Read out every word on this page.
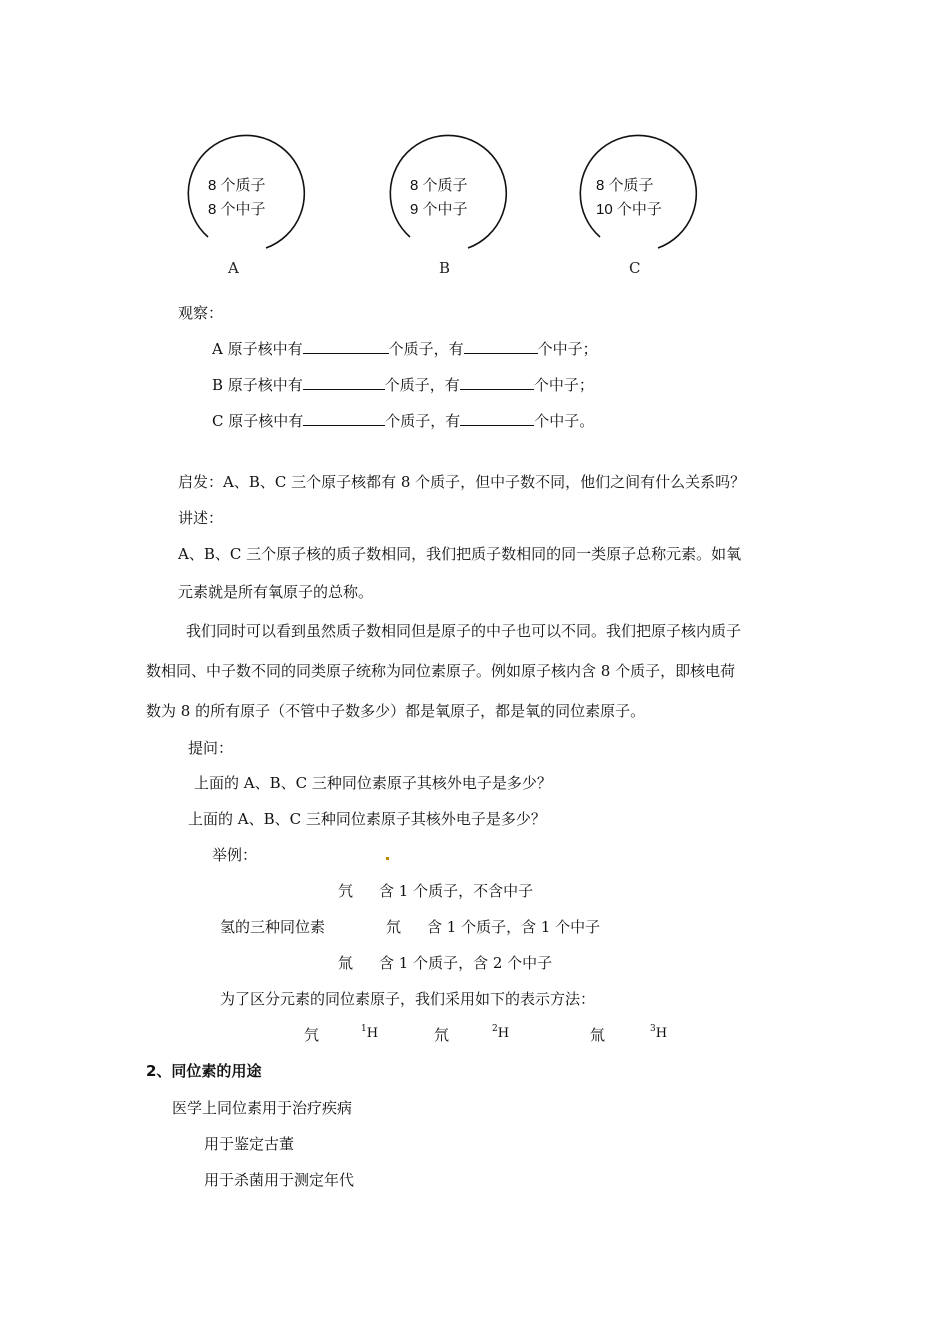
8 个质子
8 个中子
A
8 个质子
9 个中子
B
8 个质子
10 个中子
C
观察：
A 原子核中有	个质子，有	个中子；
B 原子核中有	个质子，有	个中子；
C 原子核中有	个质子，有	个中子。
启发：A、B、C 三个原子核都有 8 个质子，但中子数不同，他们之间有什么关系吗？
讲述：
A、B、C 三个原子核的质子数相同，我们把质子数相同的同一类原子总称元素。如氧
元素就是所有氧原子的总称。
我们同时可以看到虽然质子数相同但是原子的中子也可以不同。我们把原子核内质子
数相同、中子数不同的同类原子统称为同位素原子。例如原子核内含 8 个质子，即核电荷
数为 8 的所有原子（不管中子数多少）都是氧原子，都是氧的同位素原子。
提问：
上面的 A、B、C 三种同位素原子其核外电子是多少？
上面的 A、B、C 三种同位素原子其核外电子是多少？
举例：
氕 含 1 个质子，不含中子
氢的三种同位素	氘 含 1 个质子，含 1 个中子
氚 含 1 个质子，含 2 个中子
为了区分元素的同位素原子，我们采用如下的表示方法：
氕	$^1$H	氘	$^2$H	氚	$^3$H
2、同位素的用途
医学上同位素用于治疗疾病
用于鉴定古董
用于杀菌用于测定年代
